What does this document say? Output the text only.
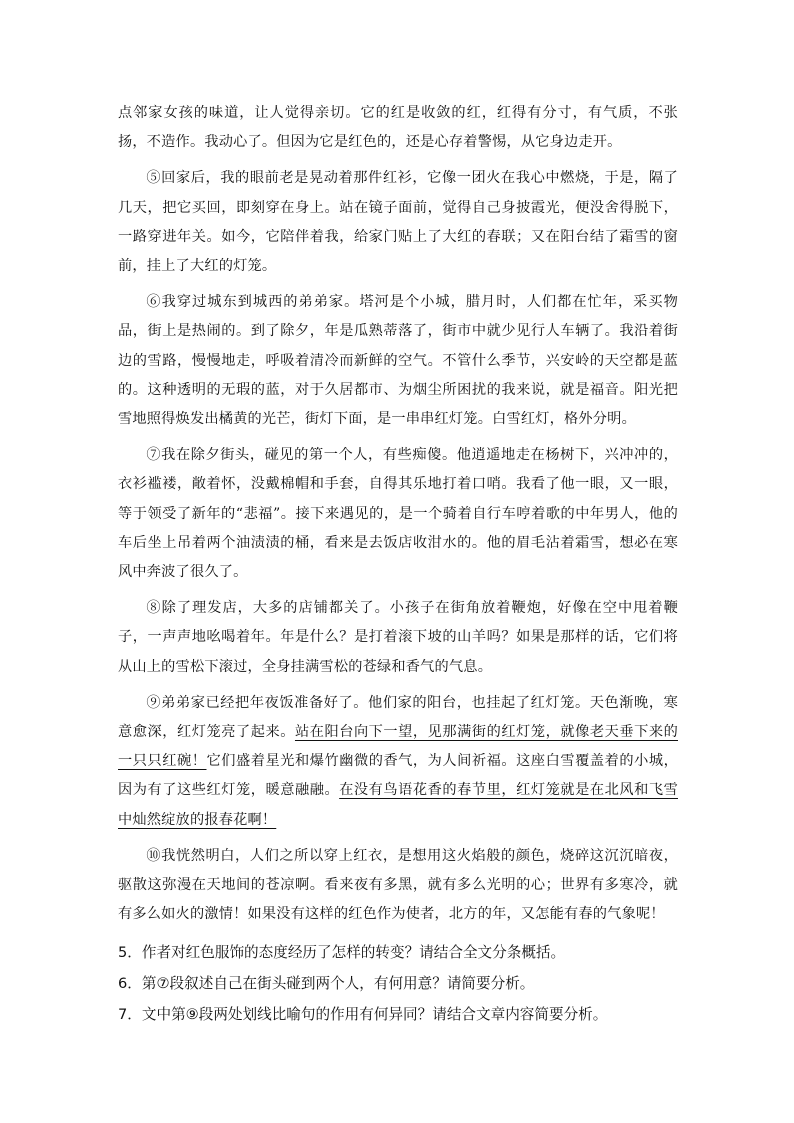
点邻家女孩的味道，让人觉得亲切。它的红是收敛的红，红得有分寸，有气质，不张扬，不造作。我动心了。但因为它是红色的，还是心存着警惕，从它身边走开。

⑤回家后，我的眼前老是晃动着那件红衫，它像一团火在我心中燃烧，于是，隔了几天，把它买回，即刻穿在身上。站在镜子面前，觉得自己身披霞光，便没舍得脱下，一路穿进年关。如今，它陪伴着我，给家门贴上了大红的春联；又在阳台结了霜雪的窗前，挂上了大红的灯笼。

⑥我穿过城东到城西的弟弟家。塔河是个小城，腊月时，人们都在忙年，采买物品，街上是热闹的。到了除夕，年是瓜熟蒂落了，街市中就少见行人车辆了。我沿着街边的雪路，慢慢地走，呼吸着清冷而新鲜的空气。不管什么季节，兴安岭的天空都是蓝的。这种透明的无瑕的蓝，对于久居都市、为烟尘所困扰的我来说，就是福音。阳光把雪地照得焕发出橘黄的光芒，街灯下面，是一串串红灯笼。白雪红灯，格外分明。

⑦我在除夕街头，碰见的第一个人，有些痴傻。他逍遥地走在杨树下，兴冲冲的，衣衫褴褛，敞着怀，没戴棉帽和手套，自得其乐地打着口哨。我看了他一眼，又一眼，等于领受了新年的“悲福”。接下来遇见的，是一个骑着自行车哼着歌的中年男人，他的车后坐上吊着两个油渍渍的桶，看来是去饭店收泔水的。他的眉毛沾着霜雪，想必在寒风中奔波了很久了。

⑧除了理发店，大多的店铺都关了。小孩子在街角放着鞭炮，好像在空中甩着鞭子，一声声地吆喝着年。年是什么？是打着滚下坡的山羊吗？如果是那样的话，它们将从山上的雪松下滚过，全身挂满雪松的苍绿和香气的气息。

⑨弟弟家已经把年夜饭准备好了。他们家的阳台，也挂起了红灯笼。天色渐晚，寒意愈深，红灯笼亮了起来。站在阳台向下一望，见那满街的红灯笼，就像老天垂下来的一只只红碗！它们盛着星光和爆竹幽微的香气，为人间祈福。这座白雪覆盖着的小城，因为有了这些红灯笼，暖意融融。在没有鸟语花香的春节里，红灯笼就是在北风和飞雪中灿然绽放的报春花啊！

⑩我恍然明白，人们之所以穿上红衣，是想用这火焰般的颜色，烧碎这沉沉暗夜，驱散这弥漫在天地间的苍凉啊。看来夜有多黑，就有多么光明的心；世界有多寒冷，就有多么如火的激情！如果没有这样的红色作为使者，北方的年，又怎能有春的气象呢！

5．作者对红色服饰的态度经历了怎样的转变？请结合全文分条概括。
6．第⑦段叙述自己在街头碰到两个人，有何用意？请简要分析。
7．文中第⑨段两处划线比喻句的作用有何异同？请结合文章内容简要分析。
